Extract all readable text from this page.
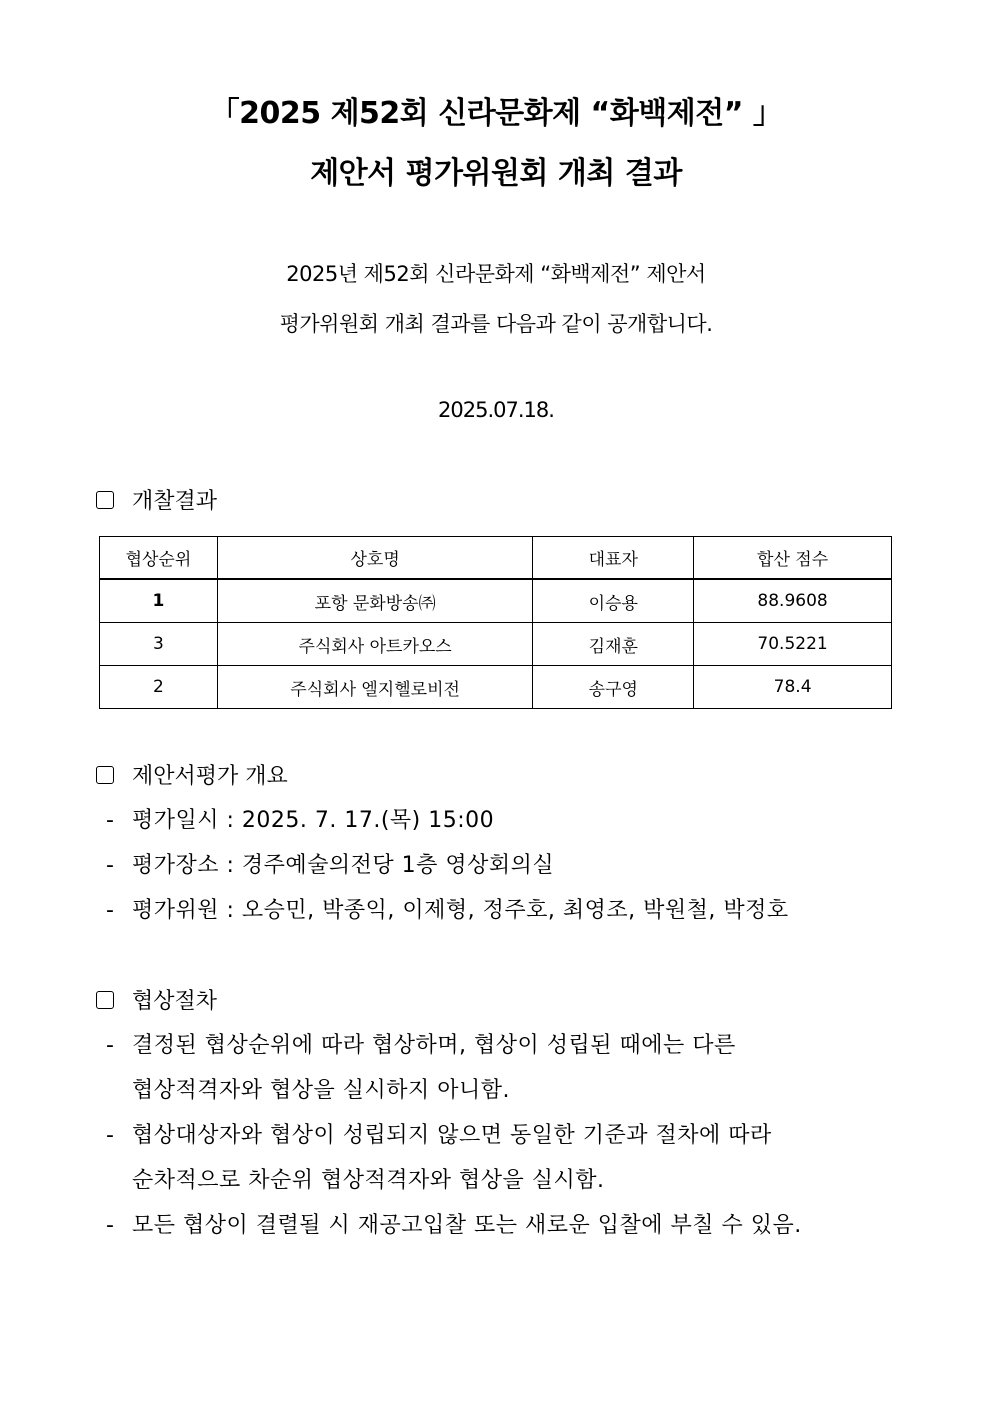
「2025 제52회 신라문화제 “화백제전” 」
제안서 평가위원회 개최 결과
2025년 제52회 신라문화제 “화백제전” 제안서
평가위원회 개최 결과를 다음과 같이 공개합니다.
2025.07.18.
개찰결과
협상순위	상호명	대표자	합산 점수
1	포항 문화방송㈜	이승용	88.9608
3	주식회사 아트카오스	김재훈	70.5221
2	주식회사 엘지헬로비전	송구영	78.4
제안서평가 개요
- 평가일시 : 2025. 7. 17.(목) 15:00
- 평가장소 : 경주예술의전당 1층 영상회의실
- 평가위원 : 오승민, 박종익, 이제형, 정주호, 최영조, 박원철, 박정호
협상절차
- 결정된 협상순위에 따라 협상하며, 협상이 성립된 때에는 다른
협상적격자와 협상을 실시하지 아니함.
- 협상대상자와 협상이 성립되지 않으면 동일한 기준과 절차에 따라
순차적으로 차순위 협상적격자와 협상을 실시함.
- 모든 협상이 결렬될 시 재공고입찰 또는 새로운 입찰에 부칠 수 있음.
